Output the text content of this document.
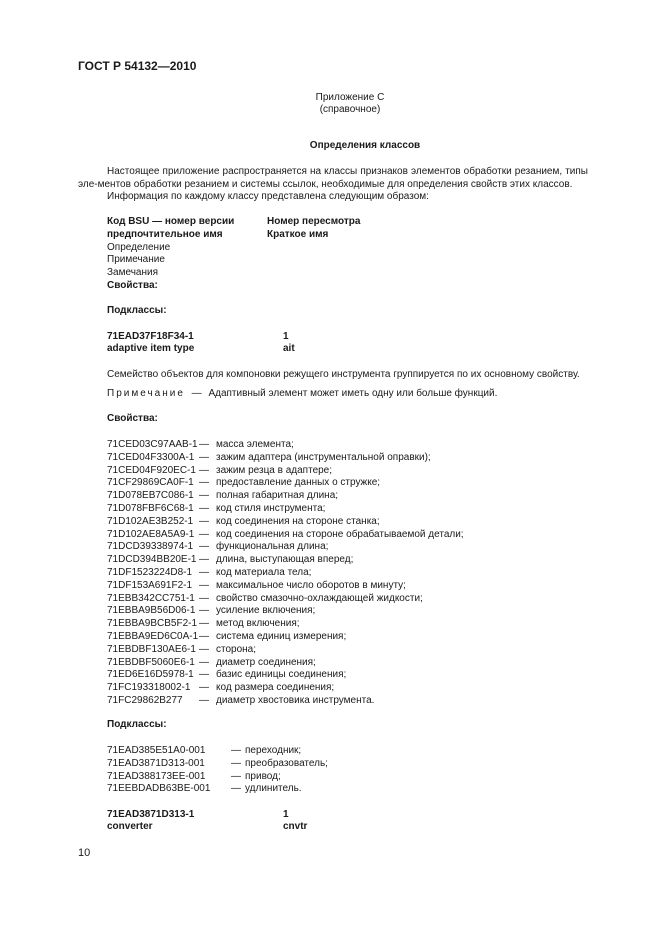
ГОСТ Р 54132—2010
Приложение С
(справочное)
Определения классов
Настоящее приложение распространяется на классы признаков элементов обработки резанием, типы эле-ментов обработки резанием и системы ссылок, необходимые для определения свойств этих классов.
Информация по каждому классу представлена следующим образом:
Код BSU — номер версии	Номер пересмотра
предпочтительное имя	Краткое имя
Определение
Примечание
Замечания
Свойства:
Подклассы:
71EAD37F18F34-1	1
adaptive item type	ait
Семейство объектов для компоновки режущего инструмента группируется по их основному свойству.
Примечание — Адаптивный элемент может иметь одну или больше функций.
Свойства:
71CED03C97AAB-1 — масса элемента;
71CED04F3300A-1 — зажим адаптера (инструментальной оправки);
71CED04F920EC-1 — зажим резца в адаптере;
71CF29869CA0F-1 — предоставление данных о стружке;
71D078EB7C086-1 — полная габаритная длина;
71D078FBF6C68-1 — код стиля инструмента;
71D102AE3B252-1 — код соединения на стороне станка;
71D102AE8A5A9-1 — код соединения на стороне обрабатываемой детали;
71DCD39338974-1 — функциональная длина;
71DCD394BB20E-1 — длина, выступающая вперед;
71DF1523224D8-1 — код материала тела;
71DF153A691F2-1 — максимальное число оборотов в минуту;
71EBB342CC751-1 — свойство смазочно-охлаждающей жидкости;
71EBBA9B56D06-1 — усиление включения;
71EBBA9BCB5F2-1 — метод включения;
71EBBA9ED6C0A-1 — система единиц измерения;
71EBDBF130AE6-1 — сторона;
71EBDBF5060E6-1 — диаметр соединения;
71ED6E16D5978-1 — базис единицы соединения;
71FC193318002-1 — код размера соединения;
71FC29862B277 — диаметр хвостовика инструмента.
Подклассы:
71EAD385E51A0-001	— переходник;
71EAD3871D313-001	— преобразователь;
71EAD388173EE-001	— привод;
71EEBDADB63BE-001 — удлинитель.
71EAD3871D313-1	1
converter	cnvtr
10
